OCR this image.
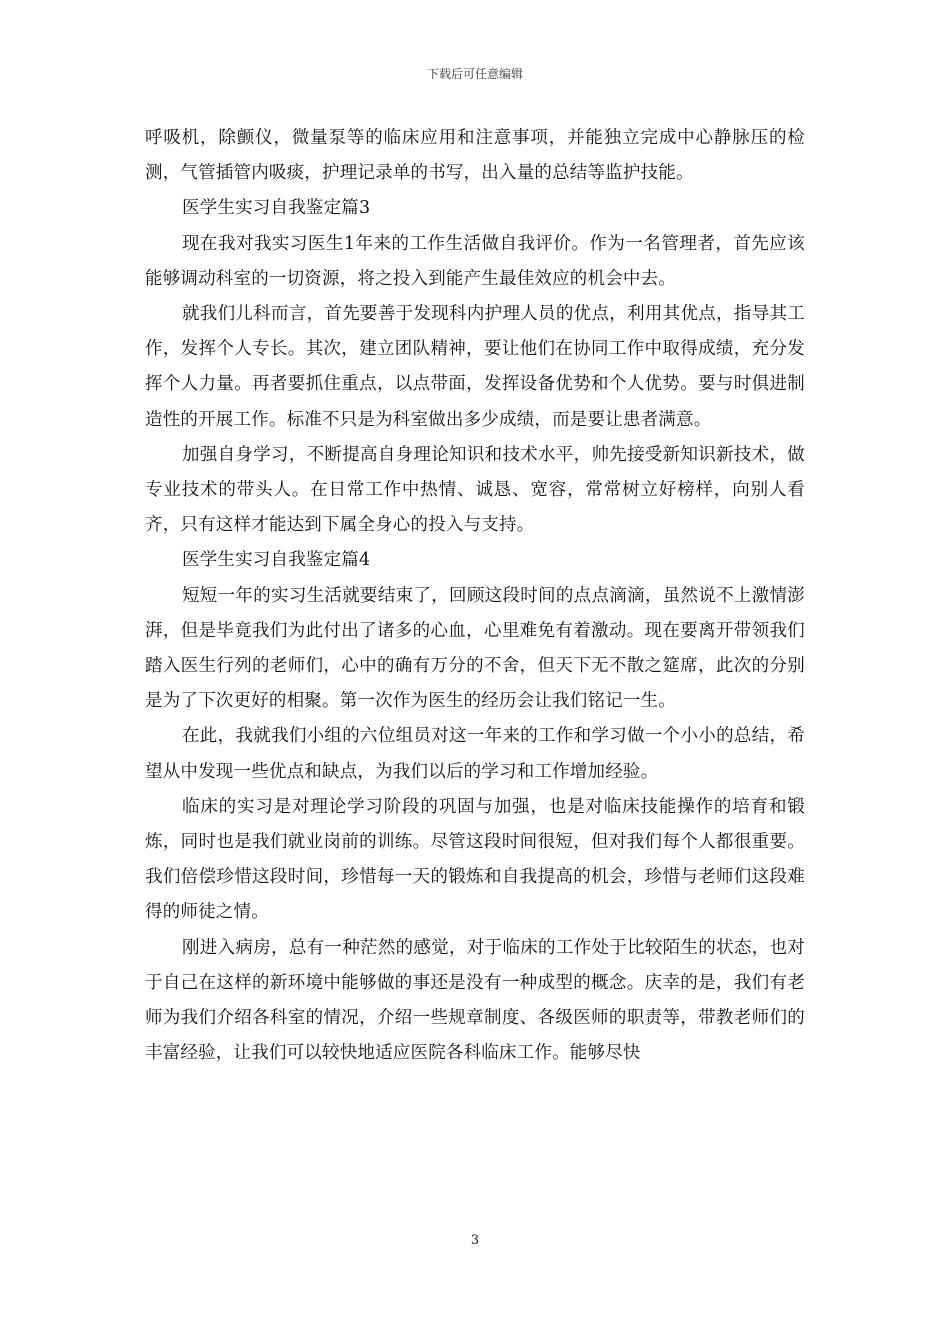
下载后可任意编辑

呼吸机，除颤仪，微量泵等的临床应用和注意事项，并能独立完成中心静脉压的检测，气管插管内吸痰，护理记录单的书写，出入量的总结等监护技能。

医学生实习自我鉴定篇3

现在我对我实习医生1年来的工作生活做自我评价。作为一名管理者，首先应该能够调动科室的一切资源，将之投入到能产生最佳效应的机会中去。

就我们儿科而言，首先要善于发现科内护理人员的优点，利用其优点，指导其工作，发挥个人专长。其次，建立团队精神，要让他们在协同工作中取得成绩，充分发挥个人力量。再者要抓住重点，以点带面，发挥设备优势和个人优势。要与时俱进制造性的开展工作。标准不只是为科室做出多少成绩，而是要让患者满意。

加强自身学习，不断提高自身理论知识和技术水平，帅先接受新知识新技术，做专业技术的带头人。在日常工作中热情、诚恳、宽容，常常树立好榜样，向别人看齐，只有这样才能达到下属全身心的投入与支持。

医学生实习自我鉴定篇4

短短一年的实习生活就要结束了，回顾这段时间的点点滴滴，虽然说不上激情澎湃，但是毕竟我们为此付出了诸多的心血，心里难免有着激动。现在要离开带领我们踏入医生行列的老师们，心中的确有万分的不舍，但天下无不散之筵席，此次的分别是为了下次更好的相聚。第一次作为医生的经历会让我们铭记一生。

在此，我就我们小组的六位组员对这一年来的工作和学习做一个小小的总结，希望从中发现一些优点和缺点，为我们以后的学习和工作增加经验。

临床的实习是对理论学习阶段的巩固与加强，也是对临床技能操作的培育和锻炼，同时也是我们就业岗前的训练。尽管这段时间很短，但对我们每个人都很重要。我们倍偿珍惜这段时间，珍惜每一天的锻炼和自我提高的机会，珍惜与老师们这段难得的师徒之情。

刚进入病房，总有一种茫然的感觉，对于临床的工作处于比较陌生的状态，也对于自己在这样的新环境中能够做的事还是没有一种成型的概念。庆幸的是，我们有老师为我们介绍各科室的情况，介绍一些规章制度、各级医师的职责等，带教老师们的丰富经验，让我们可以较快地适应医院各科临床工作。能够尽快

3
